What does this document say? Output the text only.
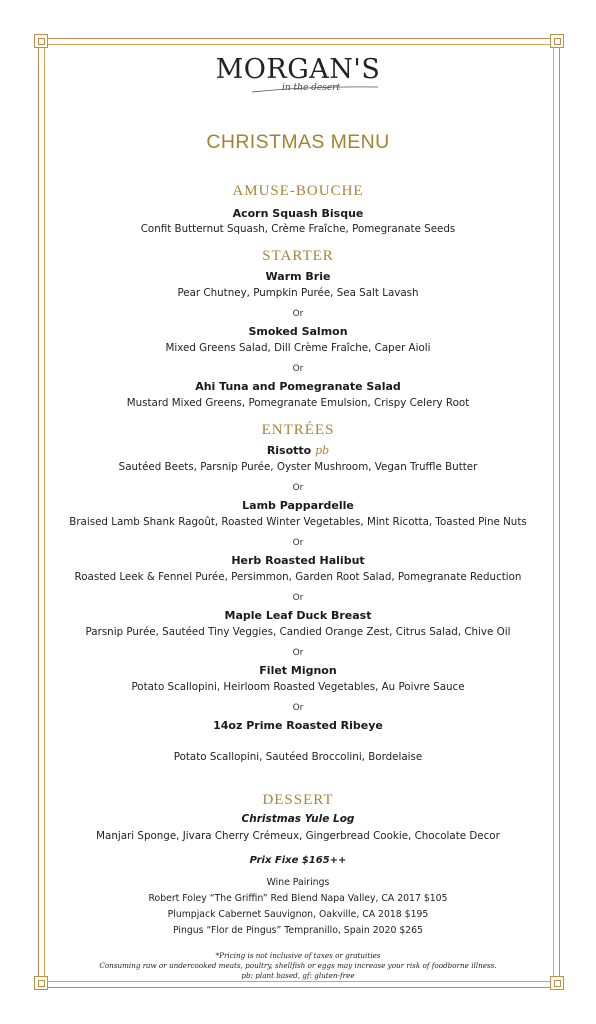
MORGAN'S
in the desert
CHRISTMAS MENU
AMUSE-BOUCHE
Acorn Squash Bisque
Confit Butternut Squash, Crème Fraîche, Pomegranate Seeds
STARTER
Warm Brie
Pear Chutney, Pumpkin Purée, Sea Salt Lavash
Or
Smoked Salmon
Mixed Greens Salad, Dill Crème Fraîche, Caper Aioli
Or
Ahi Tuna and Pomegranate Salad
Mustard Mixed Greens, Pomegranate Emulsion, Crispy Celery Root
ENTRÉES
Risotto pb
Sautéed Beets, Parsnip Purée, Oyster Mushroom, Vegan Truffle Butter
Or
Lamb Pappardelle
Braised Lamb Shank Ragoût, Roasted Winter Vegetables, Mint Ricotta, Toasted Pine Nuts
Or
Herb Roasted Halibut
Roasted Leek & Fennel Purée, Persimmon, Garden Root Salad, Pomegranate Reduction
Or
Maple Leaf Duck Breast
Parsnip Purée, Sautéed Tiny Veggies, Candied Orange Zest, Citrus Salad, Chive Oil
Or
Filet Mignon
Potato Scallopini, Heirloom Roasted Vegetables, Au Poivre Sauce
Or
14oz Prime Roasted Ribeye
Potato Scallopini, Sautéed Broccolini, Bordelaise
DESSERT
Christmas Yule Log
Manjari Sponge, Jivara Cherry Crémeux, Gingerbread Cookie, Chocolate Decor
Prix Fixe $165++
Wine Pairings
Robert Foley “The Griffin” Red Blend Napa Valley, CA 2017 $105
Plumpjack Cabernet Sauvignon, Oakville, CA 2018 $195
Pingus “Flor de Pingus” Tempranillo, Spain 2020 $265
*Pricing is not inclusive of taxes or gratuities
Consuming raw or undercooked meats, poultry, shellfish or eggs may increase your risk of foodborne illness.
pb: plant based, gf: gluten-free
